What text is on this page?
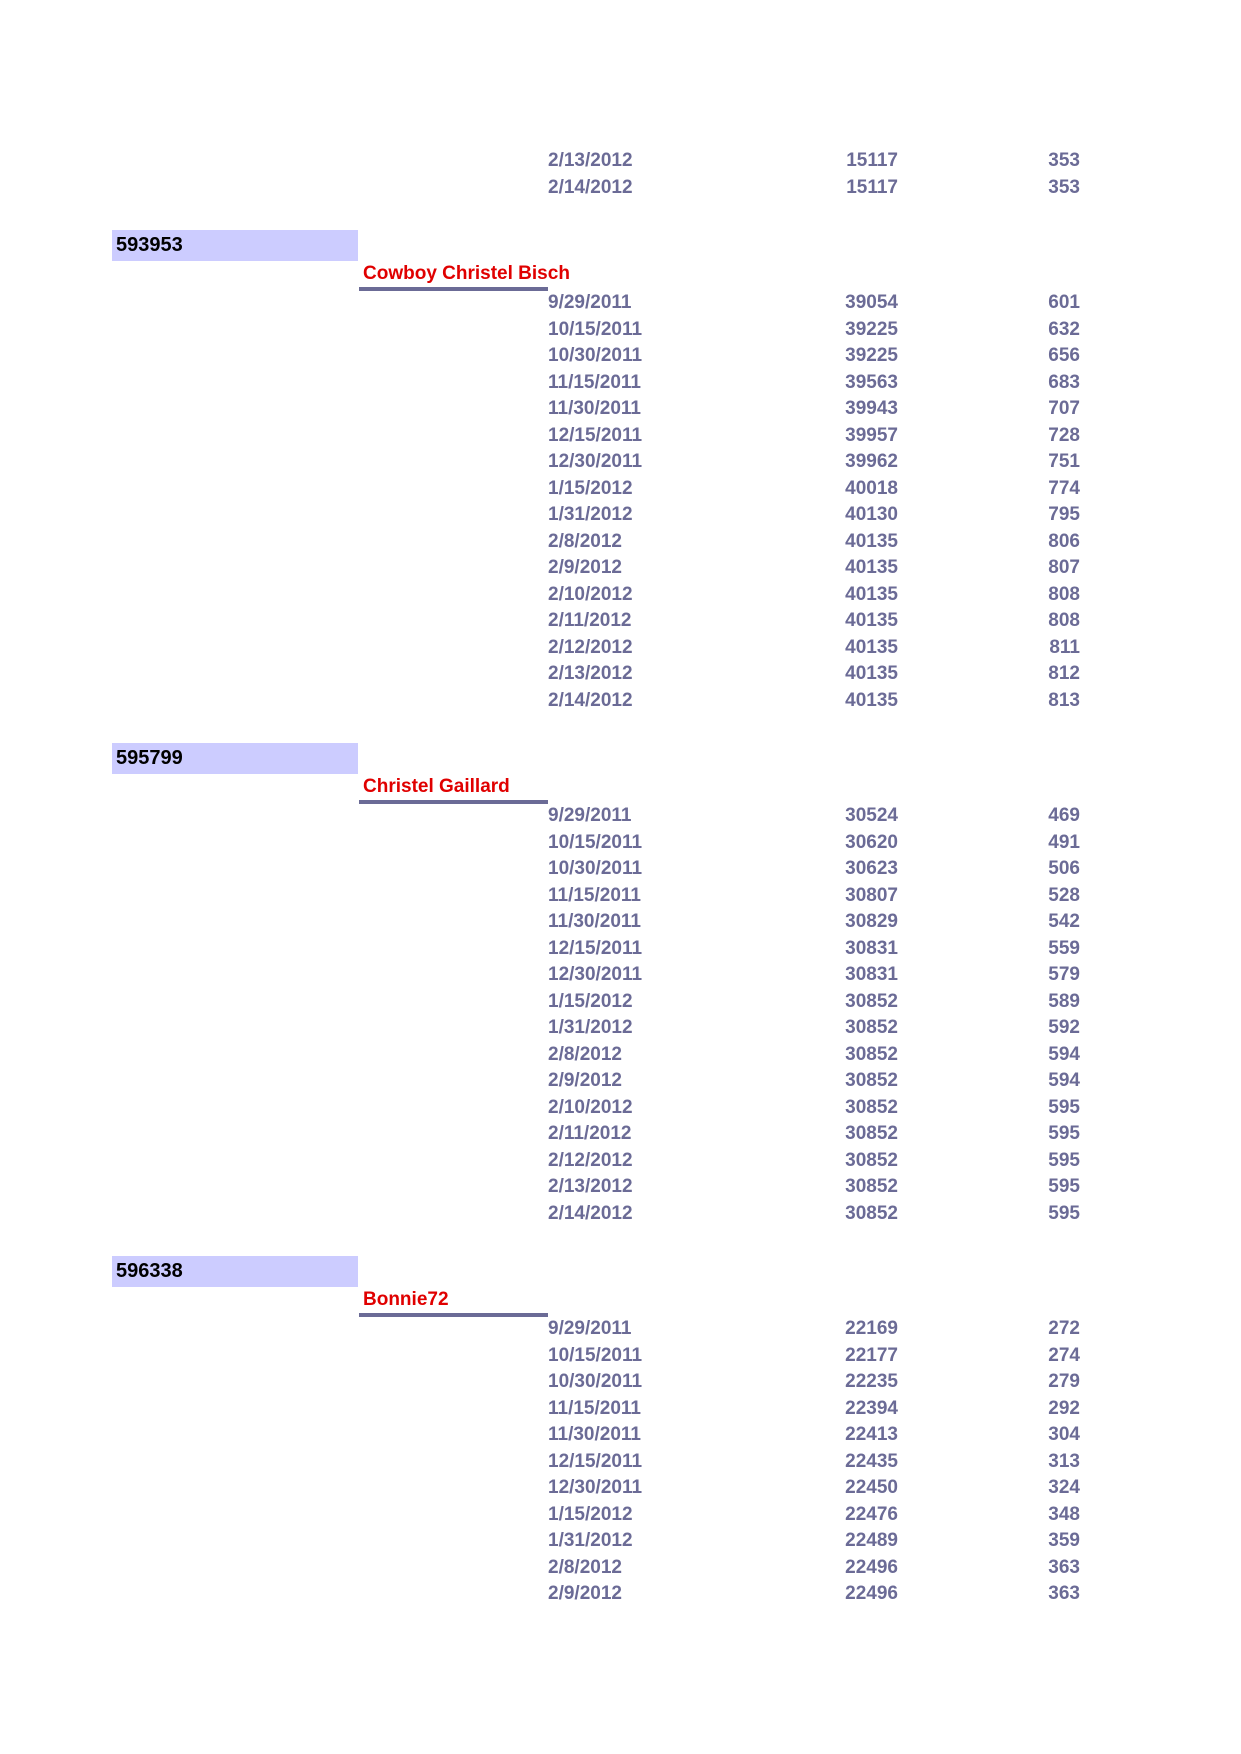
2/13/2012	15117	353
2/14/2012	15117	353
593953
Cowboy Christel Bisch
9/29/2011	39054	601
10/15/2011	39225	632
10/30/2011	39225	656
11/15/2011	39563	683
11/30/2011	39943	707
12/15/2011	39957	728
12/30/2011	39962	751
1/15/2012	40018	774
1/31/2012	40130	795
2/8/2012	40135	806
2/9/2012	40135	807
2/10/2012	40135	808
2/11/2012	40135	808
2/12/2012	40135	811
2/13/2012	40135	812
2/14/2012	40135	813
595799
Christel Gaillard
9/29/2011	30524	469
10/15/2011	30620	491
10/30/2011	30623	506
11/15/2011	30807	528
11/30/2011	30829	542
12/15/2011	30831	559
12/30/2011	30831	579
1/15/2012	30852	589
1/31/2012	30852	592
2/8/2012	30852	594
2/9/2012	30852	594
2/10/2012	30852	595
2/11/2012	30852	595
2/12/2012	30852	595
2/13/2012	30852	595
2/14/2012	30852	595
596338
Bonnie72
9/29/2011	22169	272
10/15/2011	22177	274
10/30/2011	22235	279
11/15/2011	22394	292
11/30/2011	22413	304
12/15/2011	22435	313
12/30/2011	22450	324
1/15/2012	22476	348
1/31/2012	22489	359
2/8/2012	22496	363
2/9/2012	22496	363
